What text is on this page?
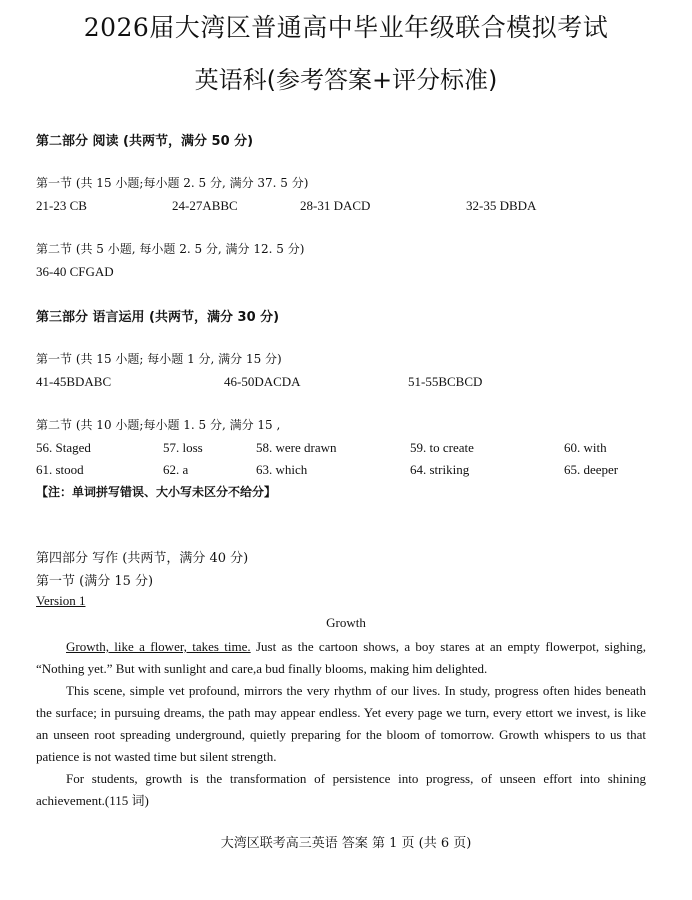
2026届大湾区普通高中毕业年级联合模拟考试
英语科(参考答案+评分标准)
第二部分 阅读 (共两节，满分 50 分)
第一节 (共 15 小题;每小题 2. 5 分, 满分 37. 5 分)
21-23 CB	24-27ABBC	28-31 DACD	32-35 DBDA
第二节 (共 5 小题, 每小题 2. 5 分, 满分 12. 5 分)
36-40 CFGAD
第三部分 语言运用 (共两节，满分 30 分)
第一节 (共 15 小题; 每小题 1 分, 满分 15 分)
41-45BDABC	46-50DACDA	51-55BCBCD
第二节 (共 10 小题;每小题 1. 5 分, 满分 15 ,
56. Staged	57. loss	58. were drawn	59. to create	60. with
61. stood	62. a	63. which	64. striking	65. deeper
【注：单词拼写错误、大小写未区分不给分】
第四部分 写作 (共两节，满分 40 分)
第一节 (满分 15 分)
Version 1
Growth

Growth, like a flower, takes time. Just as the cartoon shows, a boy stares at an empty flowerpot, sighing, “Nothing yet.” But with sunlight and care,a bud finally blooms, making him delighted.

This scene, simple vet profound, mirrors the very rhythm of our lives. In study, progress often hides beneath the surface; in pursuing dreams, the path may appear endless. Yet every page we turn, every ettort we invest, is like an unseen root spreading underground, quietly preparing for the bloom of tomorrow. Growth whispers to us that patience is not wasted time but silent strength.

For students, growth is the transformation of persistence into progress, of unseen effort into shining achievement.(115 词)

大湾区联考高三英语 答案 第 1 页 (共 6 页)
